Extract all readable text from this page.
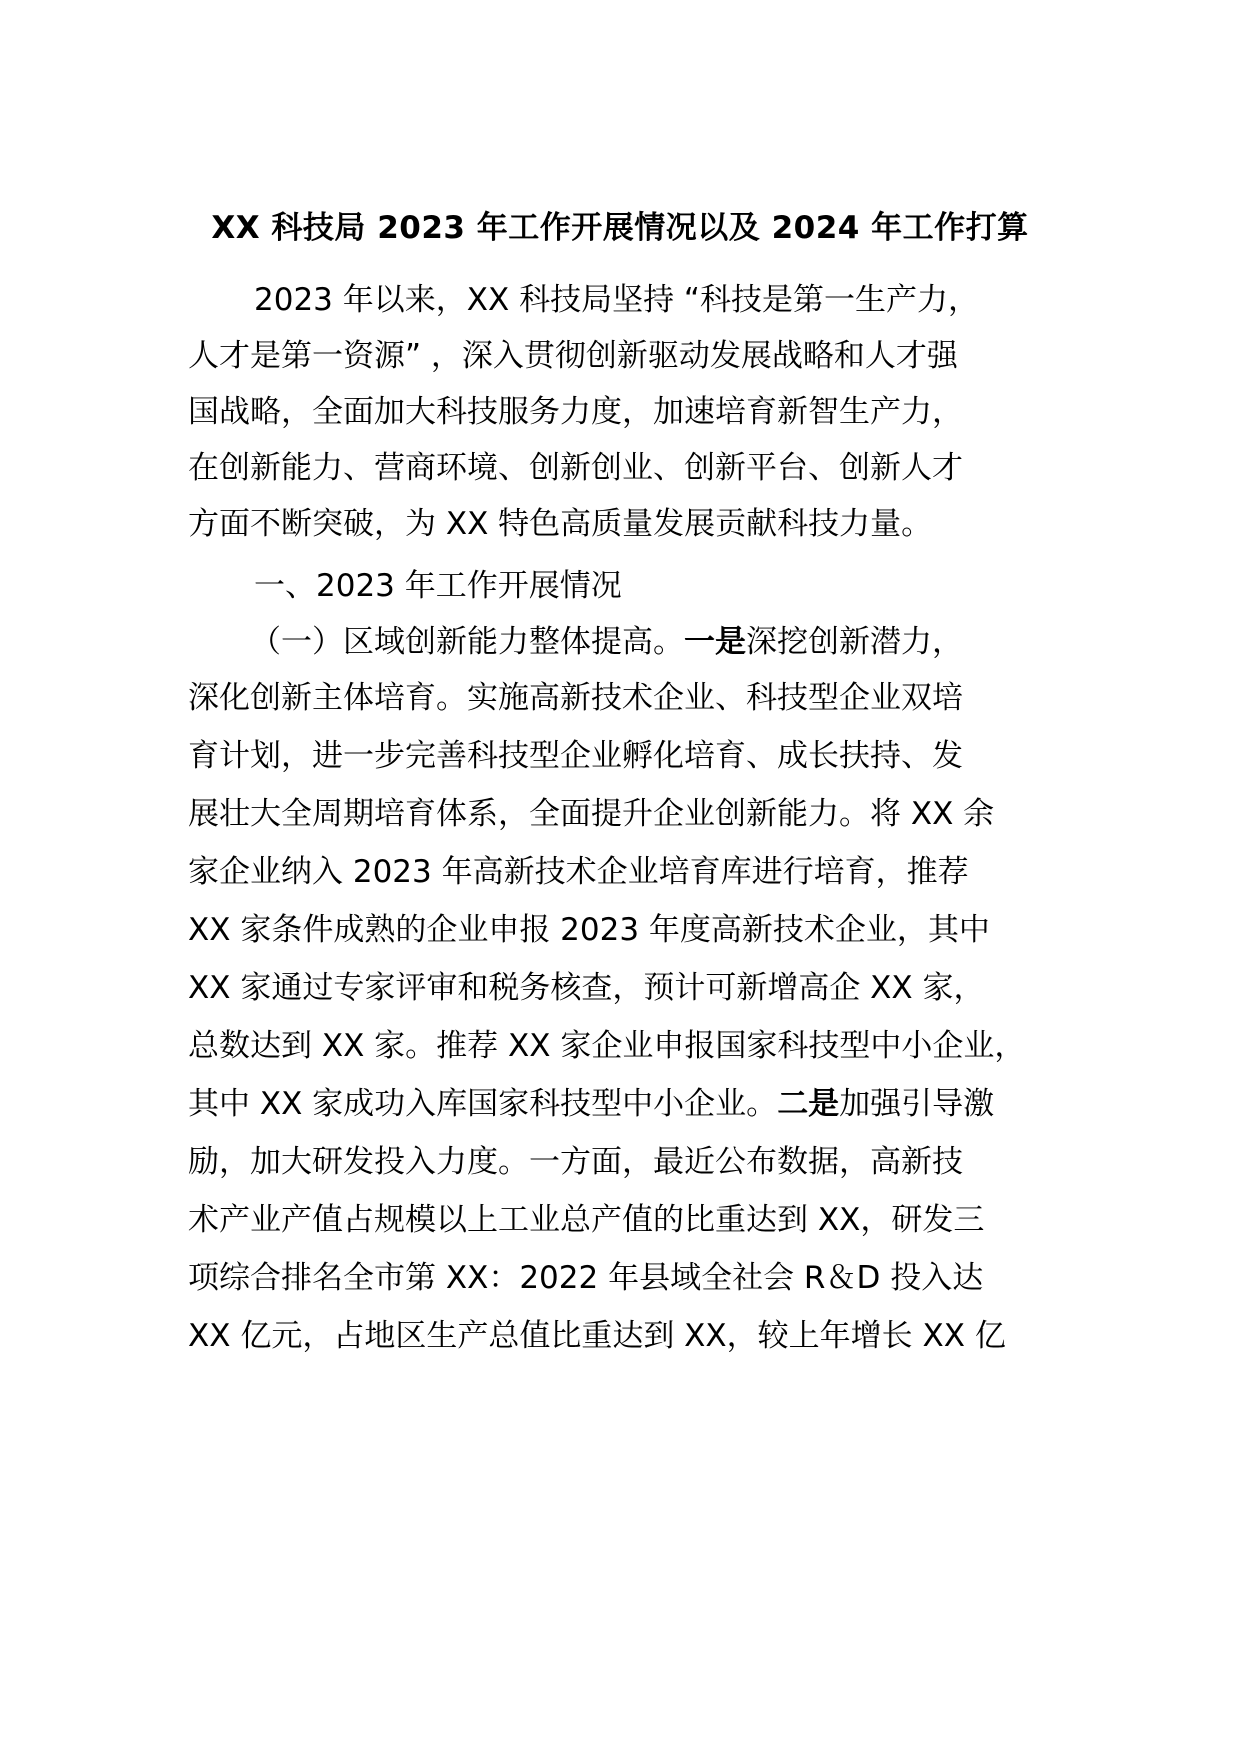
XX 科技局 2023 年工作开展情况以及 2024 年工作打算
2023 年以来，XX 科技局坚持 “科技是第一生产力，
人才是第一资源” ，深入贯彻创新驱动发展战略和人才强
国战略，全面加大科技服务力度，加速培育新智生产力，
在创新能力、营商环境、创新创业、创新平台、创新人才
方面不断突破，为 XX 特色高质量发展贡献科技力量。
一、2023 年工作开展情况
（一）区域创新能力整体提高。一是深挖创新潜力，
深化创新主体培育。实施高新技术企业、科技型企业双培
育计划，进一步完善科技型企业孵化培育、成长扶持、发
展壮大全周期培育体系，全面提升企业创新能力。将 XX 余
家企业纳入 2023 年高新技术企业培育库进行培育，推荐
XX 家条件成熟的企业申报 2023 年度高新技术企业，其中
XX 家通过专家评审和税务核查，预计可新增高企 XX 家，
总数达到 XX 家。推荐 XX 家企业申报国家科技型中小企业，
其中 XX 家成功入库国家科技型中小企业。二是加强引导激
励，加大研发投入力度。一方面，最近公布数据，高新技
术产业产值占规模以上工业总产值的比重达到 XX，研发三
项综合排名全市第 XX：2022 年县域全社会 R＆D 投入达
XX 亿元，占地区生产总值比重达到 XX，较上年增长 XX 亿
